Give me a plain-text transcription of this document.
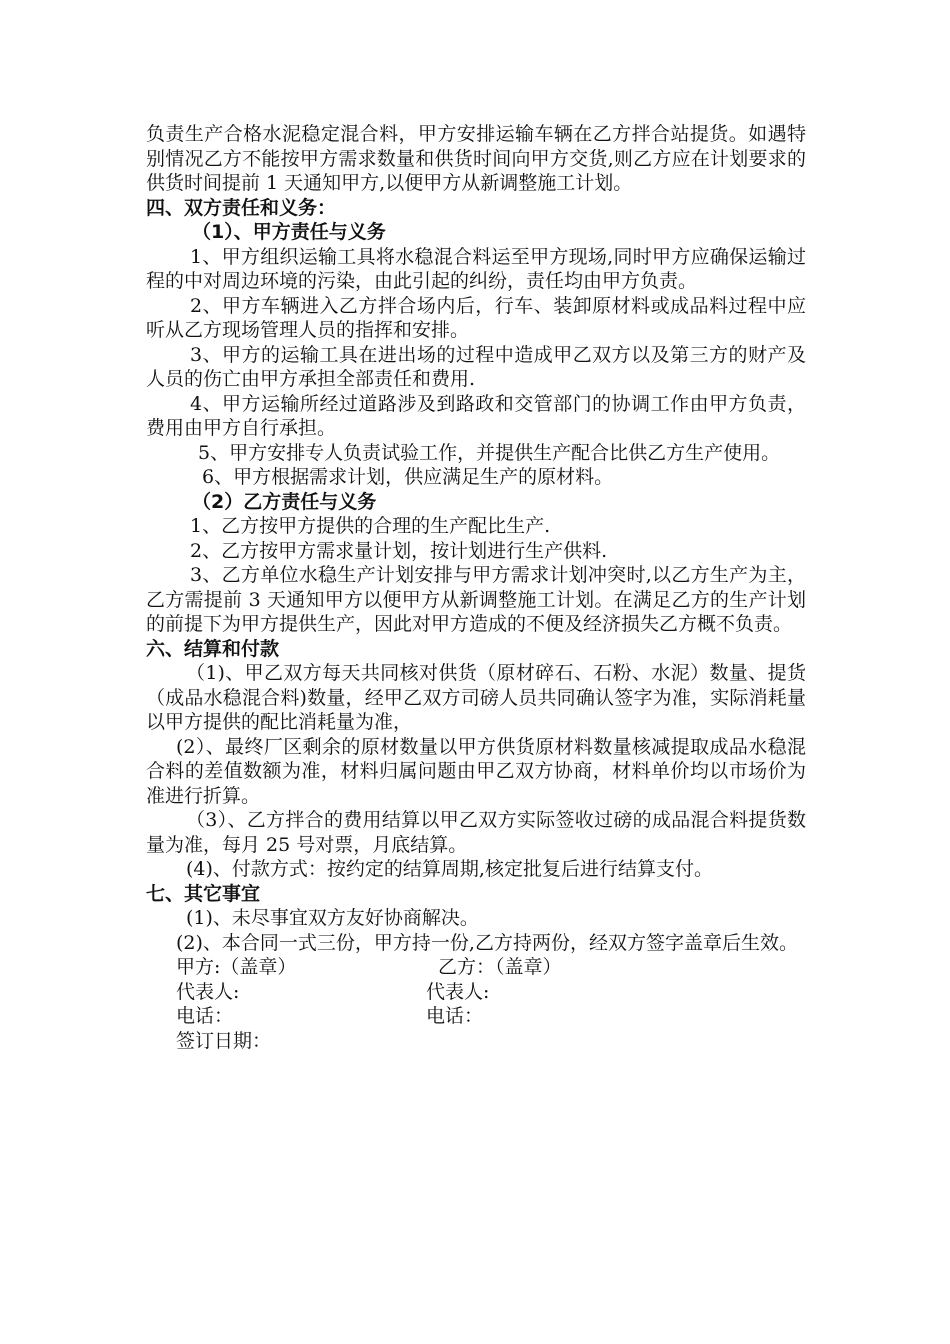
负责生产合格水泥稳定混合料，甲方安排运输车辆在乙方拌合站提货。如遇特别情况乙方不能按甲方需求数量和供货时间向甲方交货,则乙方应在计划要求的供货时间提前 1 天通知甲方,以便甲方从新调整施工计划。

四、双方责任和义务：

（1）、甲方责任与义务

1、甲方组织运输工具将水稳混合料运至甲方现场,同时甲方应确保运输过程的中对周边环境的污染，由此引起的纠纷，责任均由甲方负责。

2、甲方车辆进入乙方拌合场内后，行车、装卸原材料或成品料过程中应听从乙方现场管理人员的指挥和安排。

3、甲方的运输工具在进出场的过程中造成甲乙双方以及第三方的财产及人员的伤亡由甲方承担全部责任和费用.

4、甲方运输所经过道路涉及到路政和交管部门的协调工作由甲方负责，费用由甲方自行承担。

5、甲方安排专人负责试验工作，并提供生产配合比供乙方生产使用。

6、甲方根据需求计划，供应满足生产的原材料。

（2）乙方责任与义务

1、乙方按甲方提供的合理的生产配比生产.

2、乙方按甲方需求量计划，按计划进行生产供料.

3、乙方单位水稳生产计划安排与甲方需求计划冲突时,以乙方生产为主，乙方需提前 3 天通知甲方以便甲方从新调整施工计划。在满足乙方的生产计划的前提下为甲方提供生产，因此对甲方造成的不便及经济损失乙方概不负责。

六、结算和付款

（1)、甲乙双方每天共同核对供货（原材碎石、石粉、水泥）数量、提货（成品水稳混合料)数量，经甲乙双方司磅人员共同确认签字为准，实际消耗量以甲方提供的配比消耗量为准，

(2）、最终厂区剩余的原材数量以甲方供货原材料数量核减提取成品水稳混合料的差值数额为准，材料归属问题由甲乙双方协商，材料单价均以市场价为准进行折算。

（3）、乙方拌合的费用结算以甲乙双方实际签收过磅的成品混合料提货数量为准，每月 25 号对票，月底结算。

(4)、付款方式：按约定的结算周期,核定批复后进行结算支付。

七、其它事宜

(1)、未尽事宜双方友好协商解决。

(2)、本合同一式三份，甲方持一份,乙方持两份，经双方签字盖章后生效。

甲方:（盖章）	乙方：（盖章）
代表人:	代表人:
电话：	电话：
签订日期：
